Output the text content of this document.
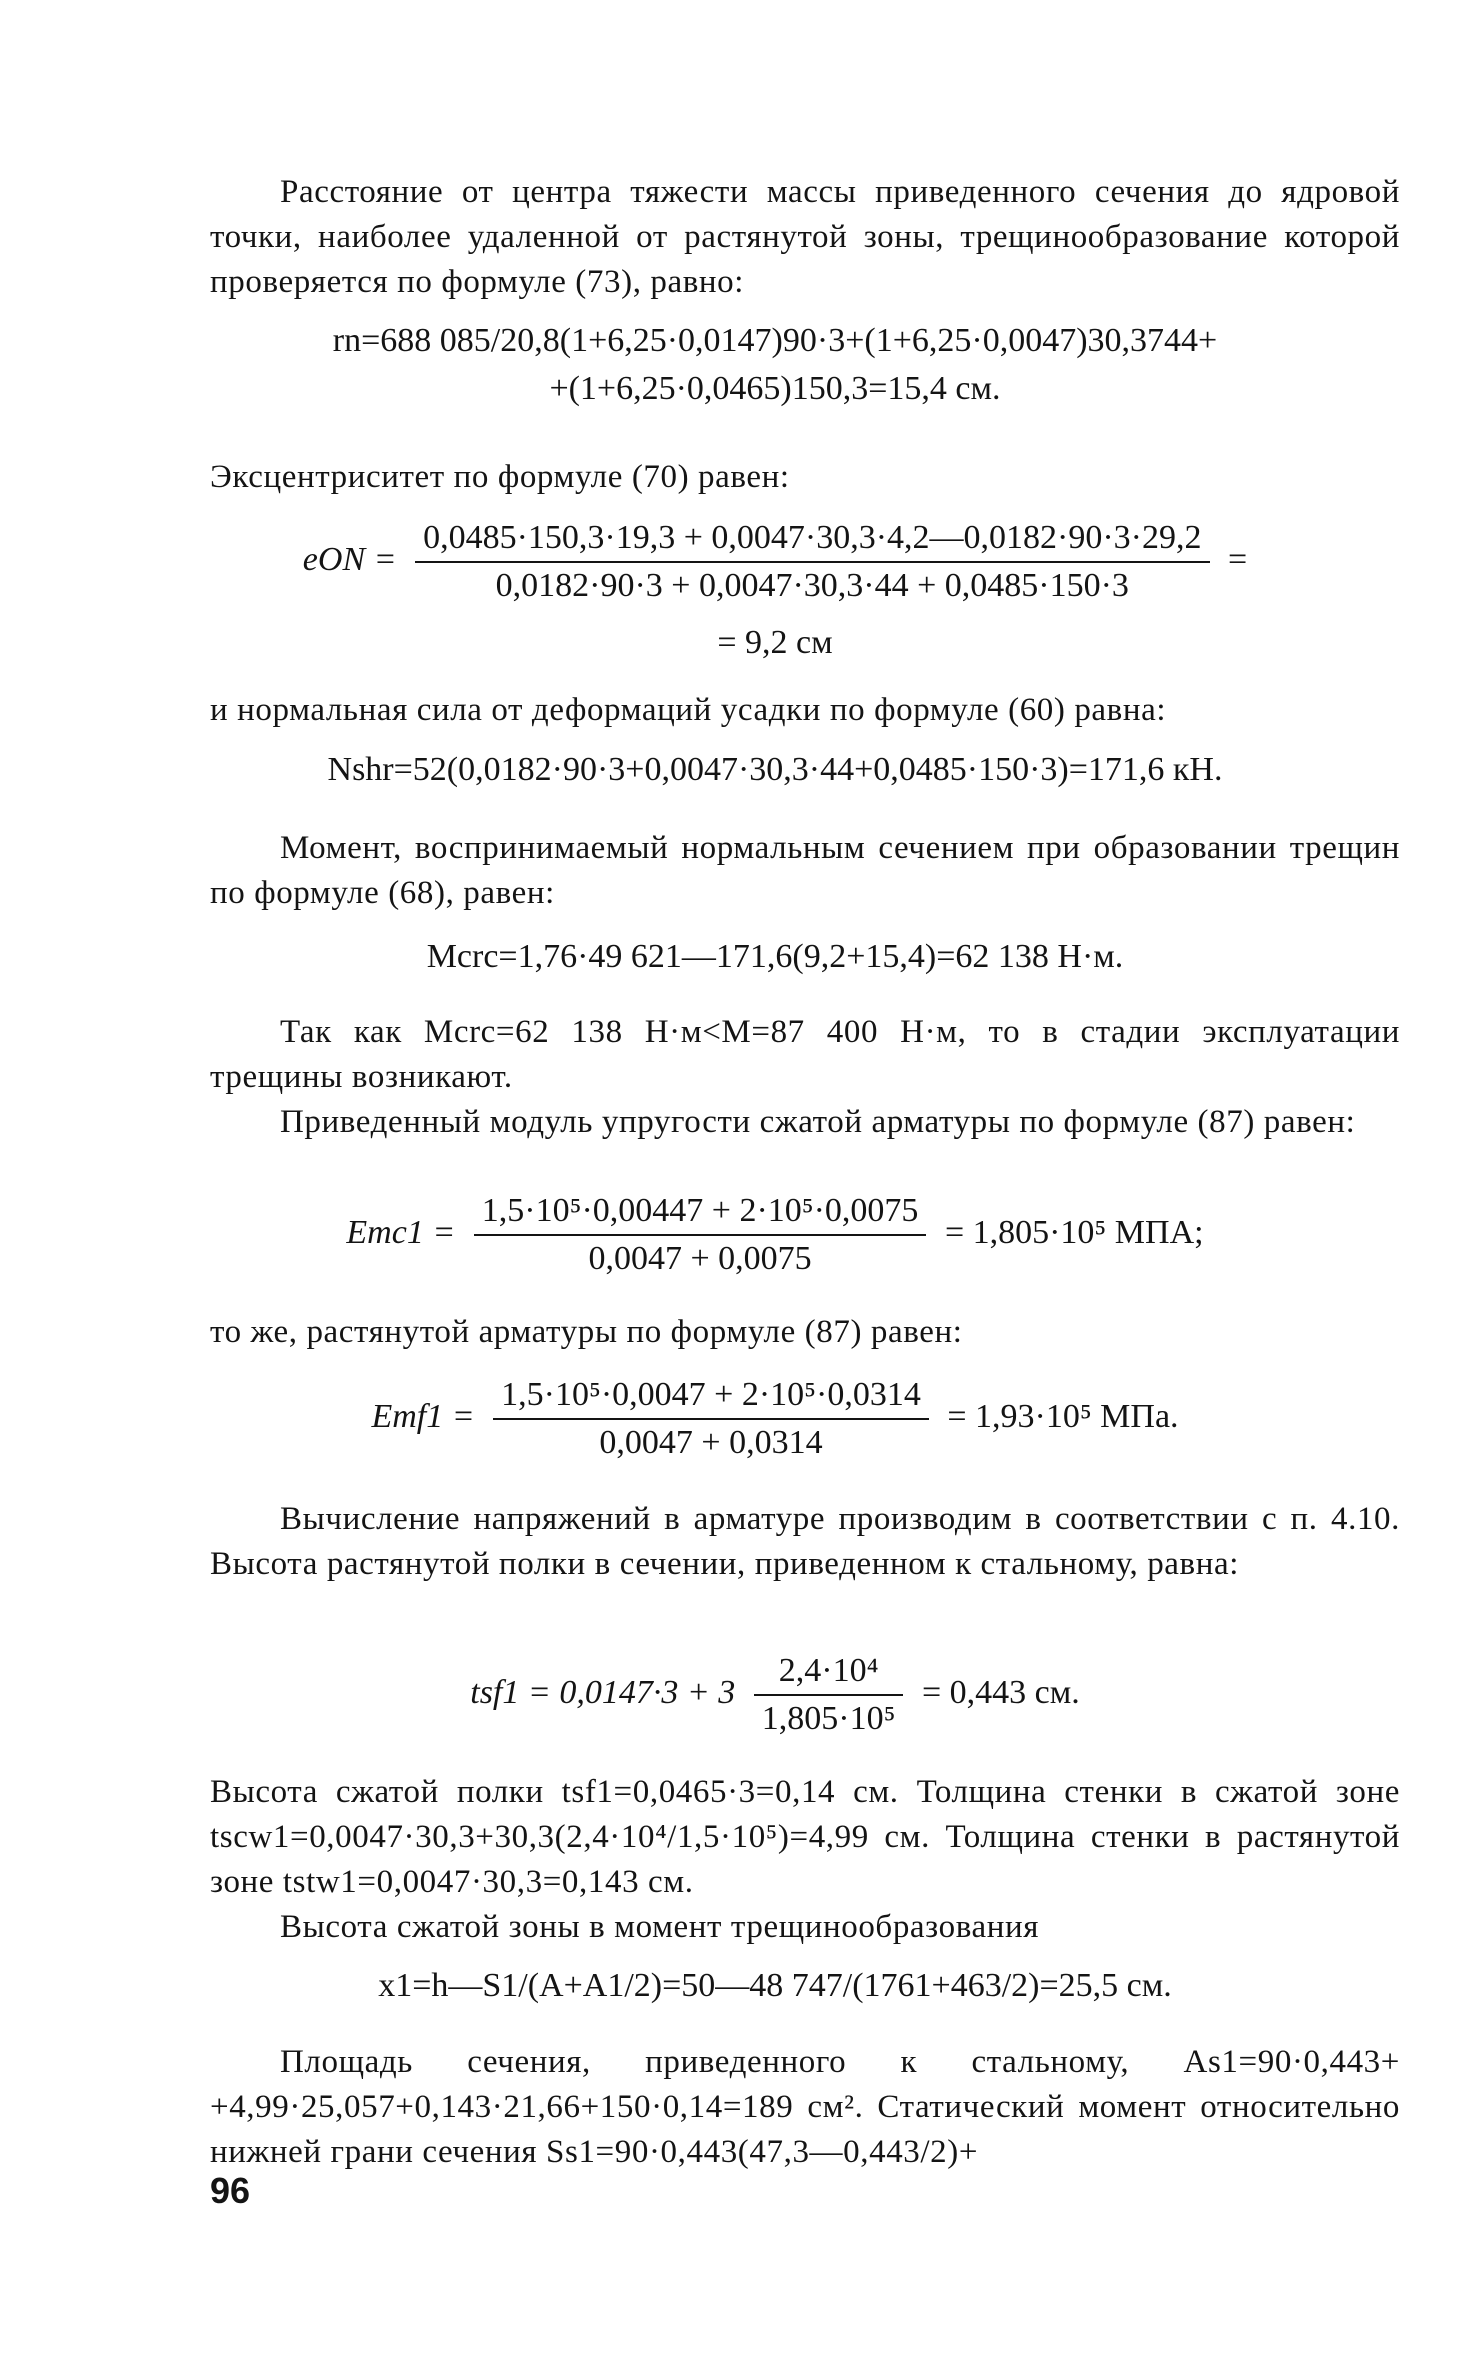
Расстояние от центра тяжести массы приведенного сечения до ядровой точки, наиболее удаленной от растянутой зоны, трещинообразование которой проверяется по формуле (73), равно:

rn=688 085/20,8(1+6,25·0,0147)90·3+(1+6,25·0,0047)30,3744+
+(1+6,25·0,0465)150,3=15,4 см.

Эксцентриситет по формуле (70) равен:

eON = $\frac{0,0485\cdot 150,3\cdot 19,3 + 0,0047\cdot 30,3\cdot 4,2—0,0182\cdot 90\cdot 3\cdot 29,2}{0,0182\cdot 90\cdot 3 + 0,0047\cdot 30,3\cdot 44 + 0,0485\cdot 150\cdot 3}$ =
= 9,2 см

и нормальная сила от деформаций усадки по формуле (60) равна:

Nshr=52(0,0182·90·3+0,0047·30,3·44+0,0485·150·3)=171,6 кН.

Момент, воспринимаемый нормальным сечением при образовании трещин по формуле (68), равен:

Mcrc=1,76·49 621—171,6(9,2+15,4)=62 138 Н·м.

Так как Mcrc=62 138 Н·м<M=87 400 Н·м, то в стадии эксплуатации трещины возникают.

Приведенный модуль упругости сжатой арматуры по формуле (87) равен:

$Emc1 = \frac{\text{1,5·10⁵·0,00447 + 2·10⁵·0,0075}}{0,0047 + 0,0075} = 1,805\cdot 10^5$ МПА;

то же, растянутой арматуры по формуле (87) равен:

$Emf1 = \frac{\text{1,5·10⁵·0,0047 + 2·10⁵·0,0314}}{0,0047 + 0,0314} = 1,93\cdot 10^5$ МПа.

Вычисление напряжений в арматуре производим в соответствии с п. 4.10. Высота растянутой полки в сечении, приведенном к стальному, равна:

$tsf1 = 0,0147\cdot 3 + 3 \frac{\text{2,4·10⁴}}{\text{1,805·10⁵}} = 0,443$ см.

Высота сжатой полки tsf1=0,0465·3=0,14 см. Толщина стенки в сжатой зоне tscw1=0,0047·30,3+30,3(2,4·10⁴/1,5·10⁵)=4,99 см. Толщина стенки в растянутой зоне tstw1=0,0047·30,3=0,143 см.

Высота сжатой зоны в момент трещинообразования

x1=h—S1/(A+A1/2)=50—48 747/(1761+463/2)=25,5 см.

Площадь сечения, приведенного к стальному, As1=90·0,443+ +4,99·25,057+0,143·21,66+150·0,14=189 см². Статический момент относительно нижней грани сечения Ss1=90·0,443(47,3—0,443/2)+

96
